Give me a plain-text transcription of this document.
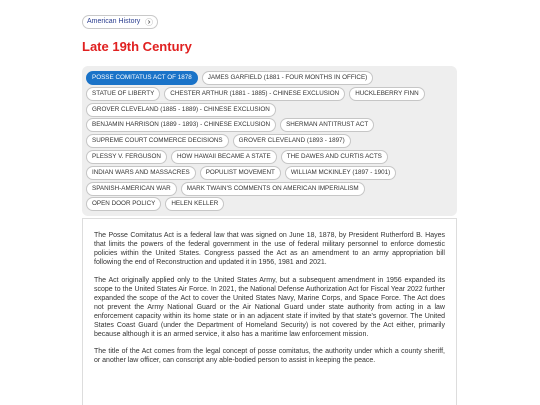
American History
Late 19th Century
POSSE COMITATUS ACT OF 1878	JAMES GARFIELD (1881 - FOUR MONTHS IN OFFICE)
STATUE OF LIBERTY	CHESTER ARTHUR (1881 - 1885) - CHINESE EXCLUSION	HUCKLEBERRY FINN
GROVER CLEVELAND (1885 - 1889) - CHINESE EXCLUSION
BENJAMIN HARRISON (1889 - 1893) - CHINESE EXCLUSION	SHERMAN ANTITRUST ACT
SUPREME COURT COMMERCE DECISIONS	GROVER CLEVELAND (1893 - 1897)
PLESSY V. FERGUSON	HOW HAWAII BECAME A STATE	THE DAWES AND CURTIS ACTS
INDIAN WARS AND MASSACRES	POPULIST MOVEMENT	WILLIAM MCKINLEY (1897 - 1901)
SPANISH-AMERICAN WAR	MARK TWAIN'S COMMENTS ON AMERICAN IMPERIALISM
OPEN DOOR POLICY	HELEN KELLER

The Posse Comitatus Act is a federal law that was signed on June 18, 1878, by President Rutherford B. Hayes that limits the powers of the federal government in the use of federal military personnel to enforce domestic policies within the United States. Congress passed the Act as an amendment to an army appropriation bill following the end of Reconstruction and updated it in 1956, 1981 and 2021.

The Act originally applied only to the United States Army, but a subsequent amendment in 1956 expanded its scope to the United States Air Force. In 2021, the National Defense Authorization Act for Fiscal Year 2022 further expanded the scope of the Act to cover the United States Navy, Marine Corps, and Space Force. The Act does not prevent the Army National Guard or the Air National Guard under state authority from acting in a law enforcement capacity within its home state or in an adjacent state if invited by that state's governor. The United States Coast Guard (under the Department of Homeland Security) is not covered by the Act either, primarily because although it is an armed service, it also has a maritime law enforcement mission.

The title of the Act comes from the legal concept of posse comitatus, the authority under which a county sheriff, or another law officer, can conscript any able-bodied person to assist in keeping the peace.
